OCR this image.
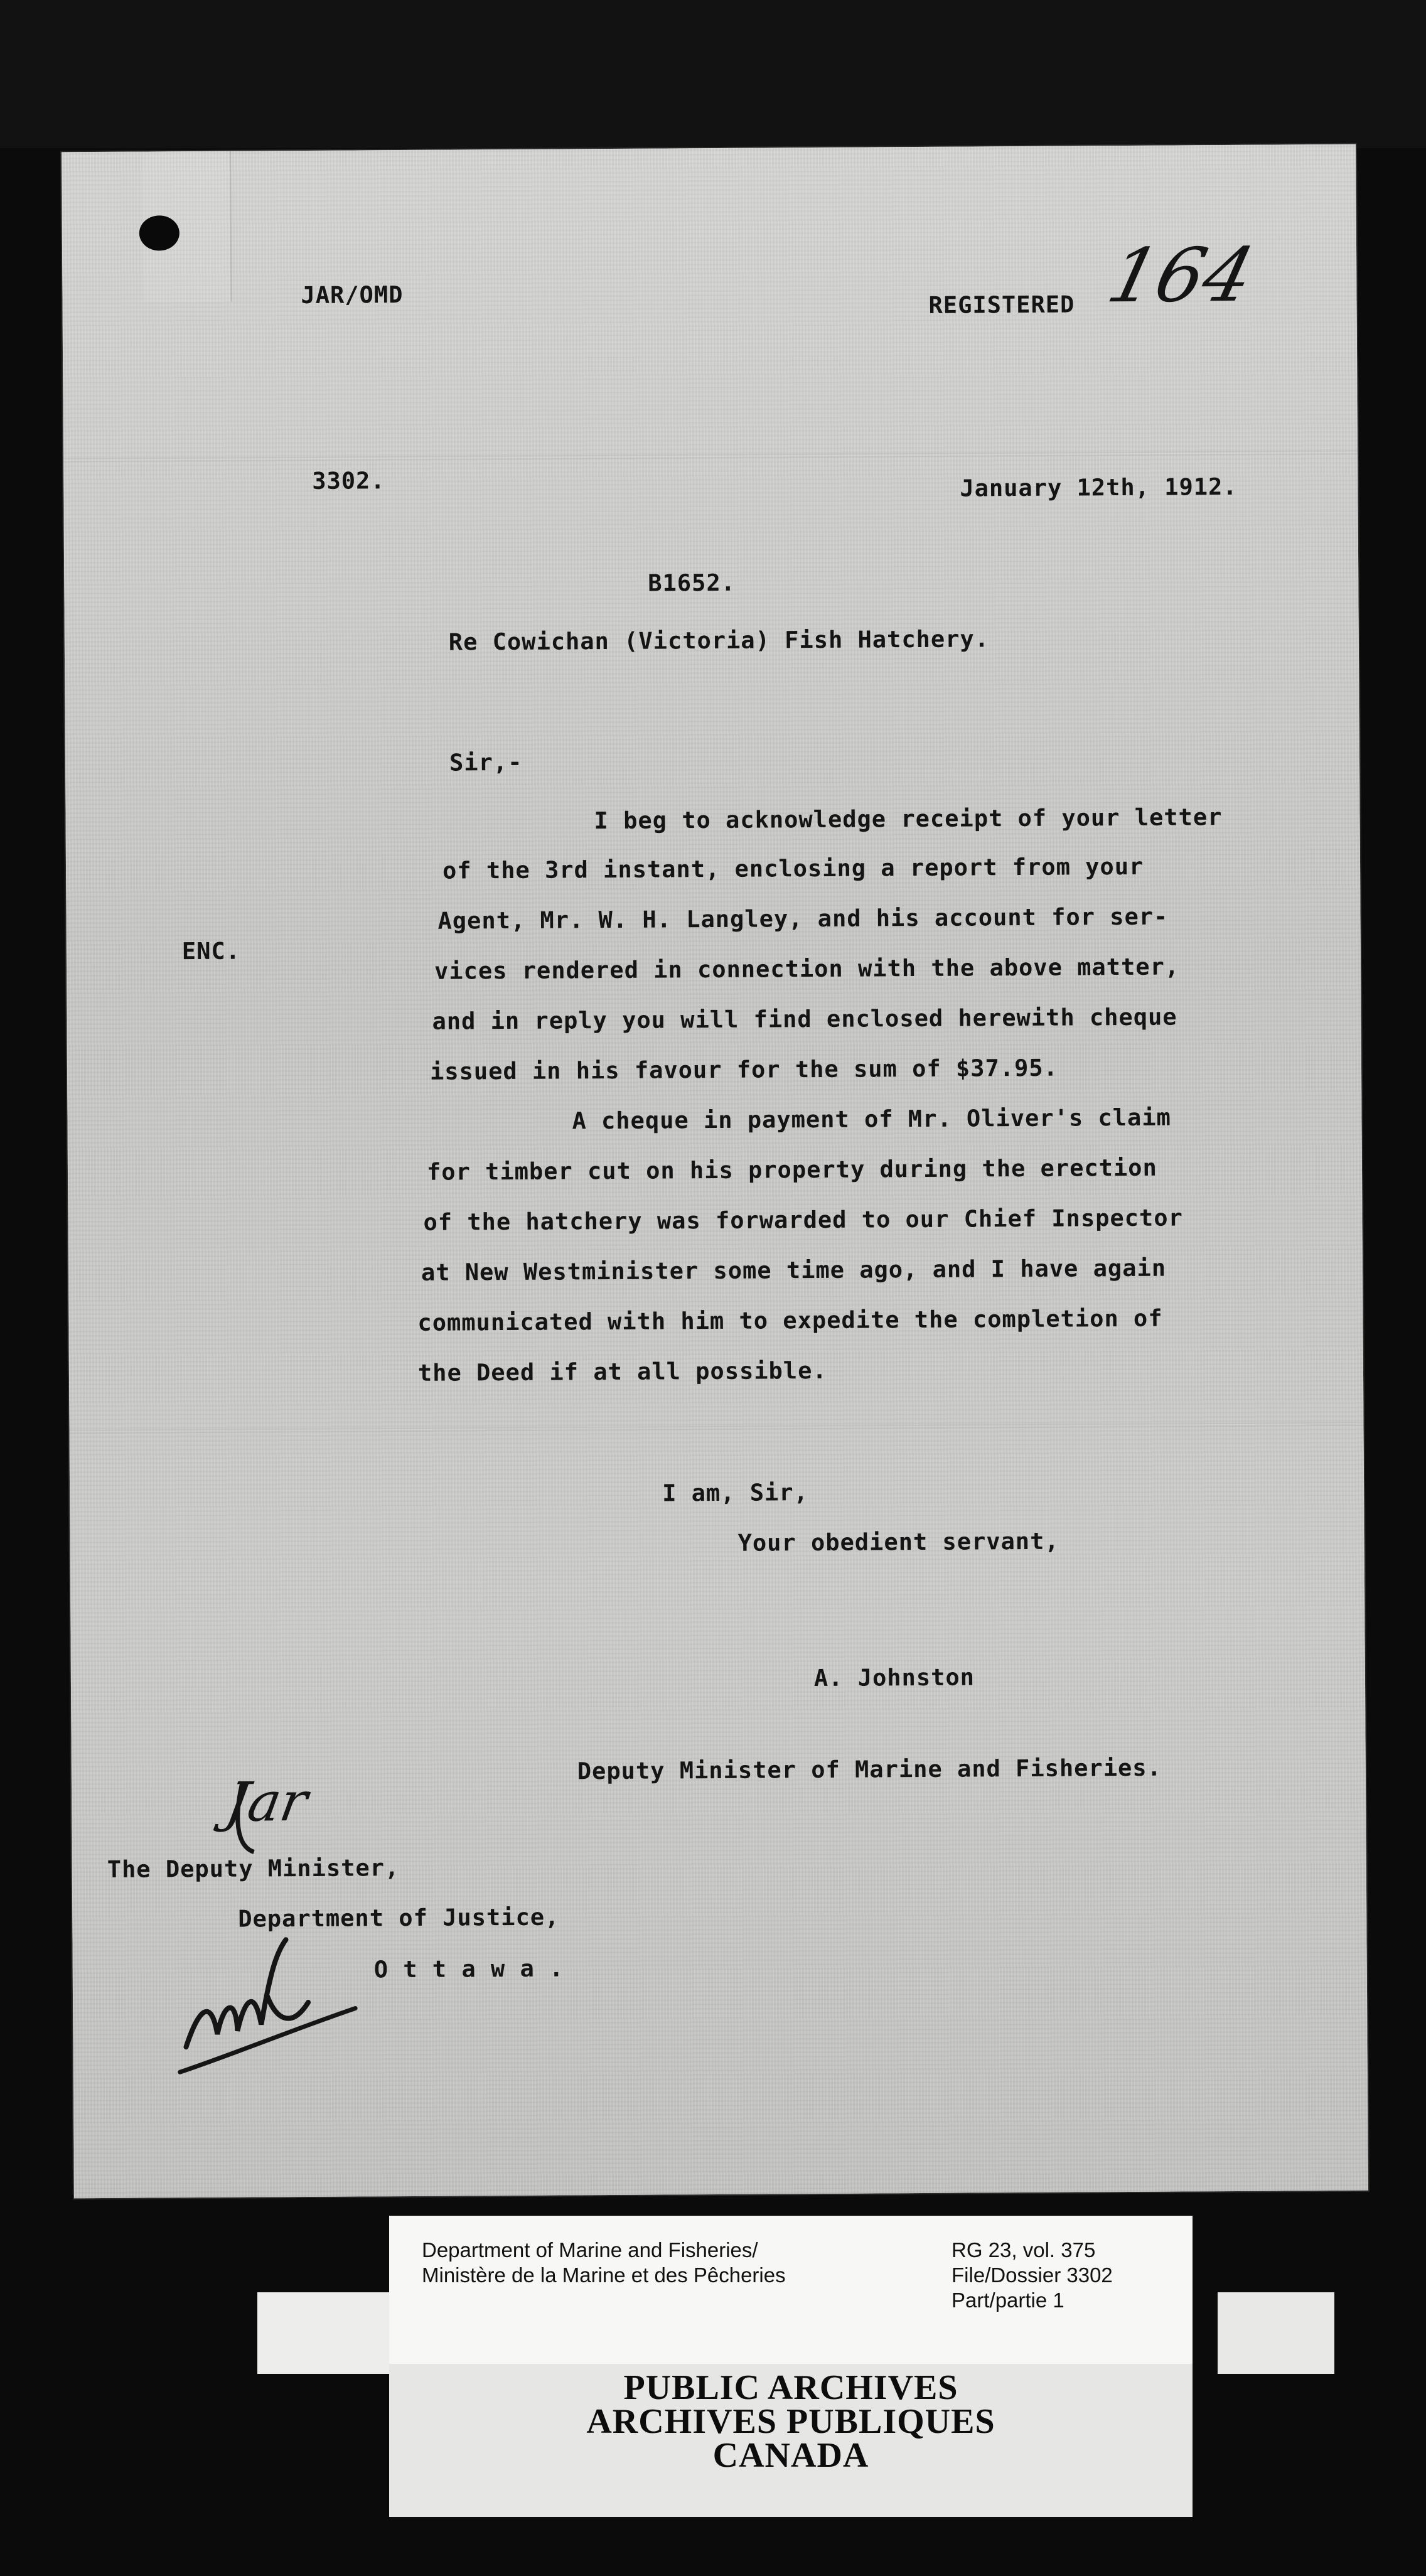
JAR/OMD	REGISTERED 164
3302.	January 12th, 1912.
B1652.
Re Cowichan (Victoria) Fish Hatchery.
Sir,-
I beg to acknowledge receipt of your letter
of the 3rd instant, enclosing a report from your
Agent, Mr. W. H. Langley, and his account for ser-
ENC.
vices rendered in connection with the above matter,
and in reply you will find enclosed herewith cheque
issued in his favour for the sum of $37.95.
A cheque in payment of Mr. Oliver's claim
for timber cut on his property during the erection
of the hatchery was forwarded to our Chief Inspector
at New Westminister some time ago, and I have again
communicated with him to expedite the completion of
the Deed if at all possible.
I am, Sir,
Your obedient servant,
A. Johnston
Deputy Minister of Marine and Fisheries.
The Deputy Minister,
Department of Justice,
O t t a w a .
Jar
Department of Marine and Fisheries/
Ministère de la Marine et des Pêcheries
RG 23, vol. 375
File/Dossier 3302
Part/partie 1
PUBLIC ARCHIVES
ARCHIVES PUBLIQUES
CANADA
